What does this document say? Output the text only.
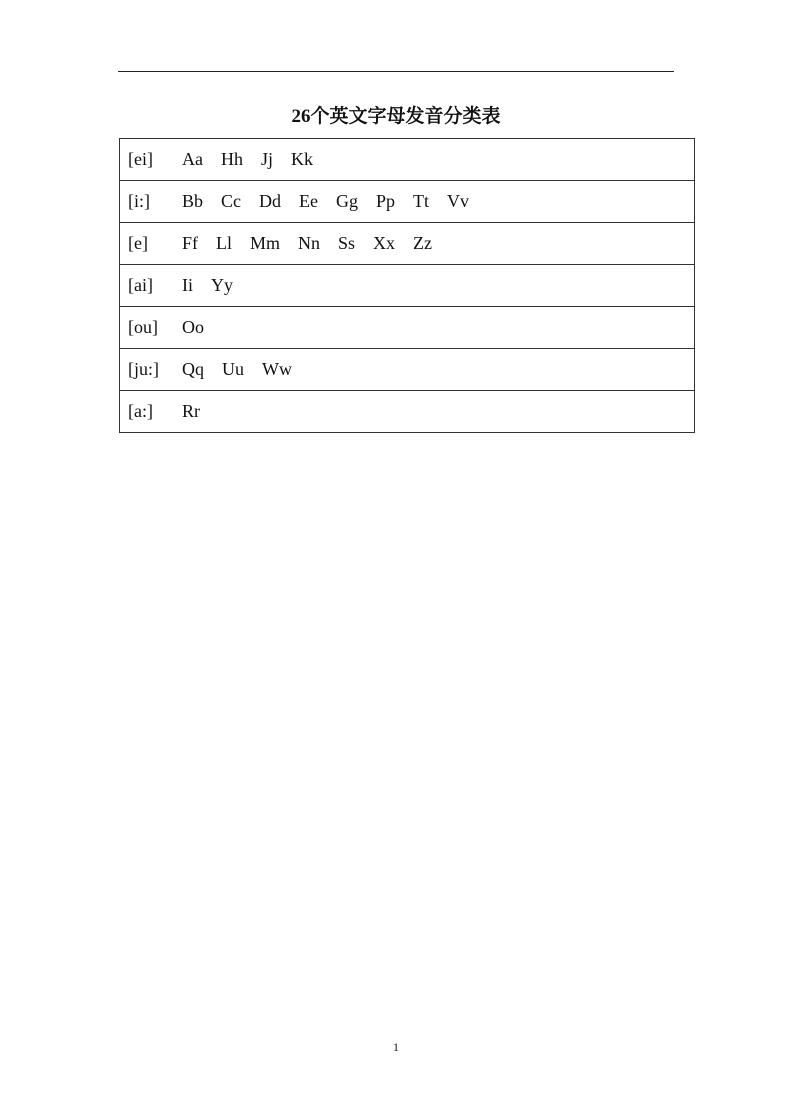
26个英文字母发音分类表
[ei]	Aa Hh Jj Kk

[i:]	Bb Cc Dd Ee Gg Pp Tt Vv

[e]	Ff Ll Mm Nn Ss Xx Zz

[ai]	Ii Yy

[ou]	Oo

[ju:]	Qq Uu Ww

[a:]	Rr
1
